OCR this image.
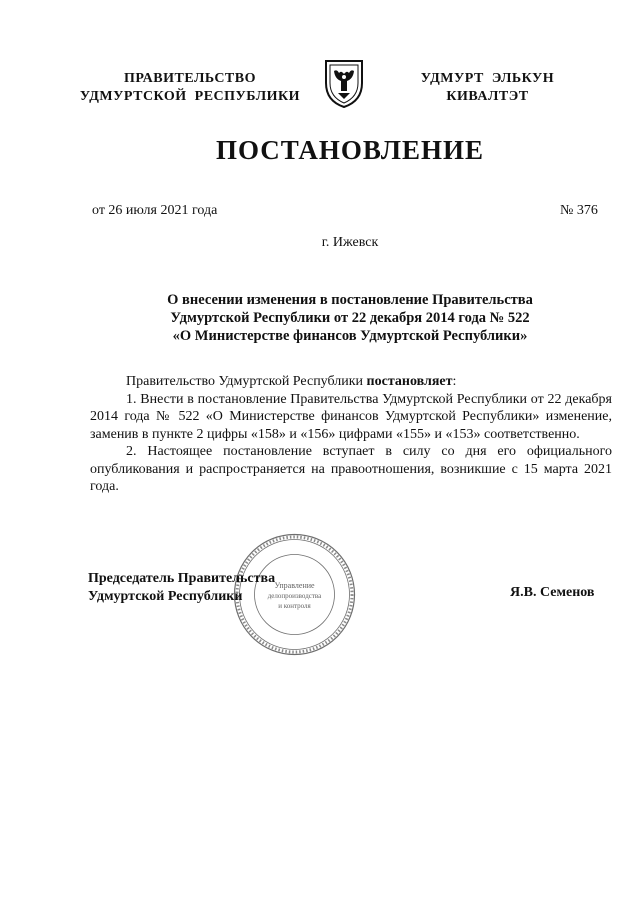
ПРАВИТЕЛЬСТВО
УДМУРТСКОЙ  РЕСПУБЛИКИ
УДМУРТ  ЭЛЬКУН
КИВАЛТЭТ
ПОСТАНОВЛЕНИЕ
от 26 июля 2021 года	№ 376
г. Ижевск
О внесении изменения в постановление Правительства
Удмуртской Республики от 22 декабря 2014 года № 522
«О Министерстве финансов Удмуртской Республики»

Правительство Удмуртской Республики постановляет:

1. Внести в постановление Правительства Удмуртской Республики от 22 декабря 2014 года № 522 «О Министерстве финансов Удмуртской Республики» изменение, заменив в пункте 2 цифры «158» и «156» цифрами «155» и «153» соответственно.

2. Настоящее постановление вступает в силу со дня его официального опубликования и распространяется на правоотношения, возникшие с 15 марта 2021 года.

Управление
делопроизводства
и контроля
Председатель Правительства
Удмуртской Республики	Я.В. Семенов
